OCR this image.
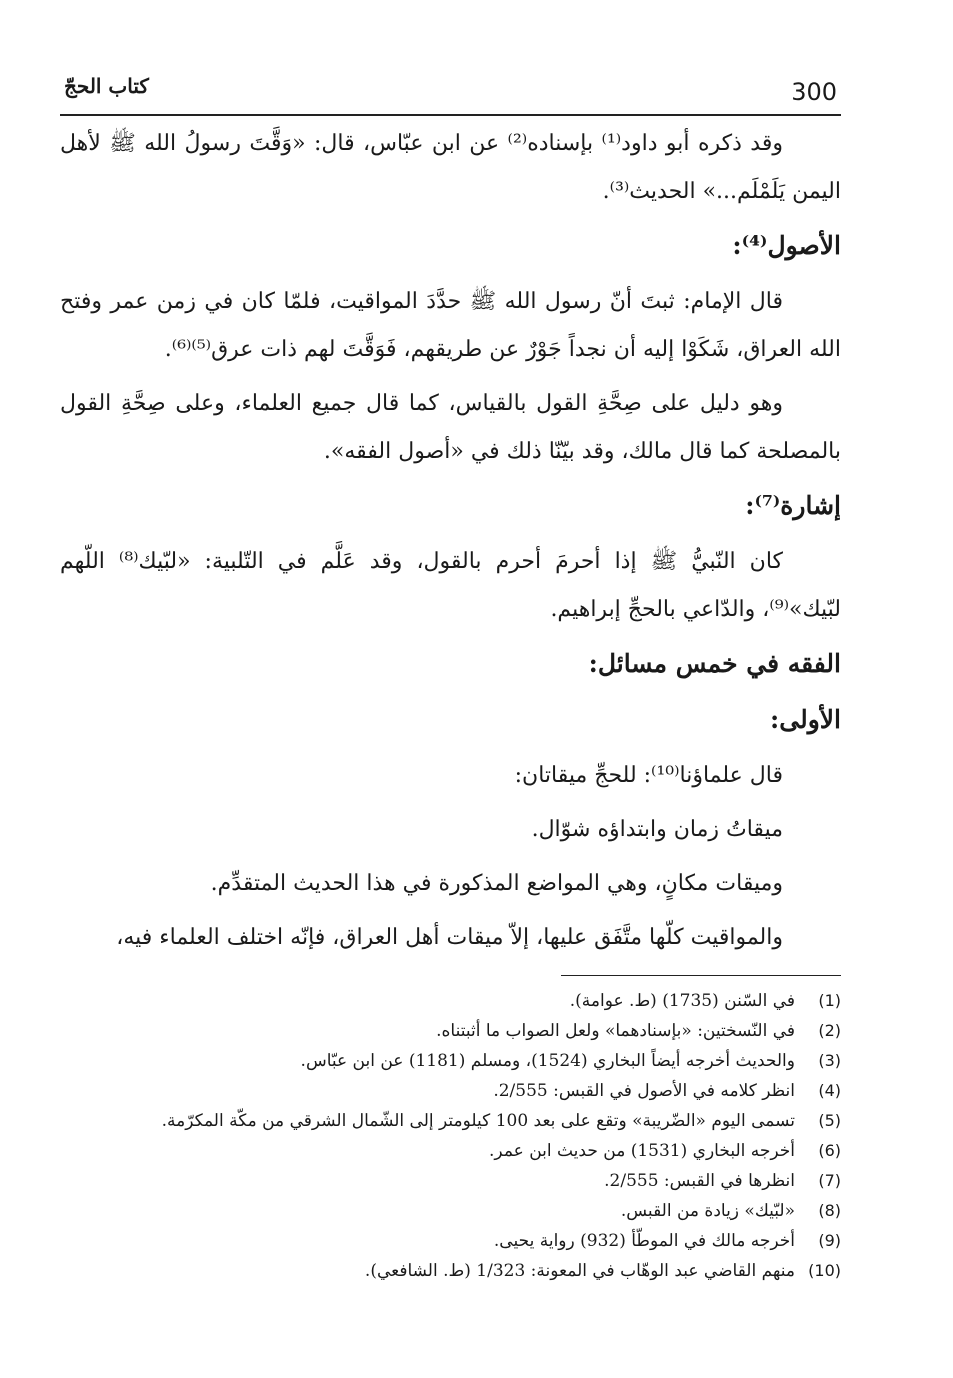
300
كتاب الحجّ

وقد ذكره أبو داود⁽¹⁾ بإسناده⁽²⁾ عن ابن عبّاس، قال: «وَقَّتَ رسولُ الله ﷺ لأهل اليمن يَلَمْلَم...» الحديث⁽³⁾.

الأصول⁽⁴⁾:

قال الإمام: ثبتَ أنّ رسول الله ﷺ حدَّدَ المواقيت، فلمّا كان في زمن عمر وفتح الله العراق، شَكَوْا إليه أن نجداً جَوْرٌ عن طريقهم، فَوَقَّتَ لهم ذات عرق⁽⁵⁾⁽⁶⁾.

وهو دليل على صِحَّةِ القول بالقياس، كما قال جميع العلماء، وعلى صِحَّةِ القول بالمصلحة كما قال مالك، وقد بيّنّا ذلك في «أصول الفقه».

إشارة⁽⁷⁾:

كان النّبيُّ ﷺ إذا أحرمَ أحرم بالقول، وقد عَلَّم في التّلبية: «لبّيك⁽⁸⁾ اللّهم لبّيك»⁽⁹⁾، والدّاعي بالحجِّ إبراهيم.

الفقه في خمس مسائل:
الأولى:

قال علماؤنا⁽¹⁰⁾: للحجِّ ميقاتان:

ميقاتُ زمان وابتداؤه شوّال.

وميقات مكانٍ، وهي المواضع المذكورة في هذا الحديث المتقدِّم.

والمواقيت كلّها متَّفَق عليها، إلاّ ميقات أهل العراق، فإنّه اختلف العلماء فيه،

(1)
في السّنن (1735) (ط. عوامة).
(2)
في النّسختين: «بإسنادهما» ولعل الصواب ما أثبتناه.
(3)
والحديث أخرجه أيضاً البخاري (1524)، ومسلم (1181) عن ابن عبّاس.
(4)
انظر كلامه في الأصول في القبس: 2/555.
(5)
تسمى اليوم «الضّريبة» وتقع على بعد 100 كيلومتر إلى الشّمال الشرقي من مكّة المكرّمة.
(6)
أخرجه البخاري (1531) من حديث ابن عمر.
(7)
انظرها في القبس: 2/555.
(8)
«لبّيك» زيادة من القبس.
(9)
أخرجه مالك في الموطّأ (932) رواية يحيى.
(10)
منهم القاضي عبد الوهّاب في المعونة: 1/323 (ط. الشافعي).
